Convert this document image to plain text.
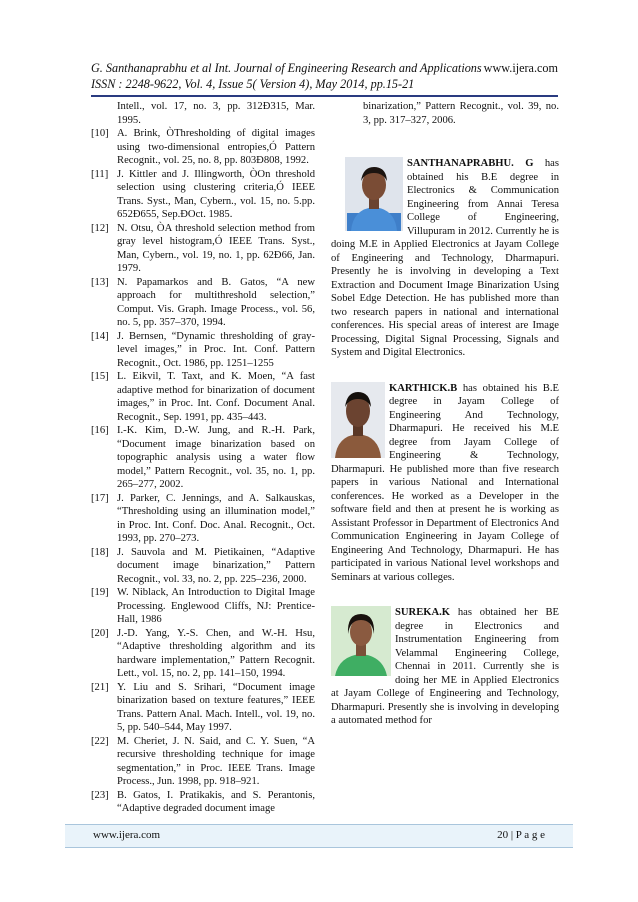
G. Santhanaprabhu et al Int. Journal of Engineering Research and Applications www.ijera.com
ISSN : 2248-9622, Vol. 4, Issue 5( Version 4), May 2014, pp.15-21
Intell., vol. 17, no. 3, pp. 312Ð315, Mar. 1995.
[10] A. Brink, ÒThresholding of digital images using two-dimensional entropies,Ó Pattern Recognit., vol. 25, no. 8, pp. 803Ð808, 1992.
[11] J. Kittler and J. Illingworth, ÒOn threshold selection using clustering criteria,Ó IEEE Trans. Syst., Man, Cybern., vol. 15, no. 5.pp. 652Ð655, Sep.ÐOct. 1985.
[12] N. Otsu, ÒA threshold selection method from gray level histogram,Ó IEEE Trans. Syst., Man, Cybern., vol. 19, no. 1, pp. 62Ð66, Jan. 1979.
[13] N. Papamarkos and B. Gatos, “A new approach for multithreshold selection,” Comput. Vis. Graph. Image Process., vol. 56, no. 5, pp. 357–370, 1994.
[14] J. Bernsen, “Dynamic thresholding of gray-level images,” in Proc. Int. Conf. Pattern Recognit., Oct. 1986, pp. 1251–1255
[15] L. Eikvil, T. Taxt, and K. Moen, “A fast adaptive method for binarization of document images,” in Proc. Int. Conf. Document Anal. Recognit., Sep. 1991, pp. 435–443.
[16] I.-K. Kim, D.-W. Jung, and R.-H. Park, “Document image binarization based on topographic analysis using a water flow model,” Pattern Recognit., vol. 35, no. 1, pp. 265–277, 2002.
[17] J. Parker, C. Jennings, and A. Salkauskas, “Thresholding using an illumination model,” in Proc. Int. Conf. Doc. Anal. Recognit., Oct. 1993, pp. 270–273.
[18] J. Sauvola and M. Pietikainen, “Adaptive document image binarization,” Pattern Recognit., vol. 33, no. 2, pp. 225–236, 2000.
[19] W. Niblack, An Introduction to Digital Image Processing. Englewood Cliffs, NJ: Prentice-Hall, 1986
[20] J.-D. Yang, Y.-S. Chen, and W.-H. Hsu, “Adaptive thresholding algorithm and its hardware implementation,” Pattern Recognit. Lett., vol. 15, no. 2, pp. 141–150, 1994.
[21] Y. Liu and S. Srihari, “Document image binarization based on texture features,” IEEE Trans. Pattern Anal. Mach. Intell., vol. 19, no. 5, pp. 540–544, May 1997.
[22] M. Cheriet, J. N. Said, and C. Y. Suen, “A recursive thresholding technique for image segmentation,” in Proc. IEEE Trans. Image Process., Jun. 1998, pp. 918–921.
[23] B. Gatos, I. Pratikakis, and S. Perantonis, “Adaptive degraded document image
binarization,” Pattern Recognit., vol. 39, no. 3, pp. 317–327, 2006.
SANTHANAPRABHU. G has obtained his B.E degree in Electronics & Communication Engineering from Annai Teresa College of Engineering, Villupuram in 2012. Currently he is doing M.E in Applied Electronics at Jayam College of Engineering and Technology, Dharmapuri. Presently he is involving in developing a Text Extraction and Document Image Binarization Using Sobel Edge Detection. He has published more than two research papers in national and international conferences. His special areas of interest are Image Processing, Digital Signal Processing, Signals and System and Digital Electronics.
KARTHICK.B has obtained his B.E degree in Jayam College of Engineering And Technology, Dharmapuri. He received his M.E degree from Jayam College of Engineering & Technology, Dharmapuri. He published more than five research papers in various National and International conferences. He worked as a Developer in the software field and then at present he is working as Assistant Professor in Department of Electronics And Communication Engineering in Jayam College of Engineering And Technology, Dharmapuri. He has participated in various National level workshops and Seminars at various colleges.
SUREKA.K has obtained her BE degree in Electronics and Instrumentation Engineering from Velammal Engineering College, Chennai in 2011. Currently she is doing her ME in Applied Electronics at Jayam College of Engineering and Technology, Dharmapuri. Presently she is involving in developing a automated method for
www.ijera.com	20 | P a g e
